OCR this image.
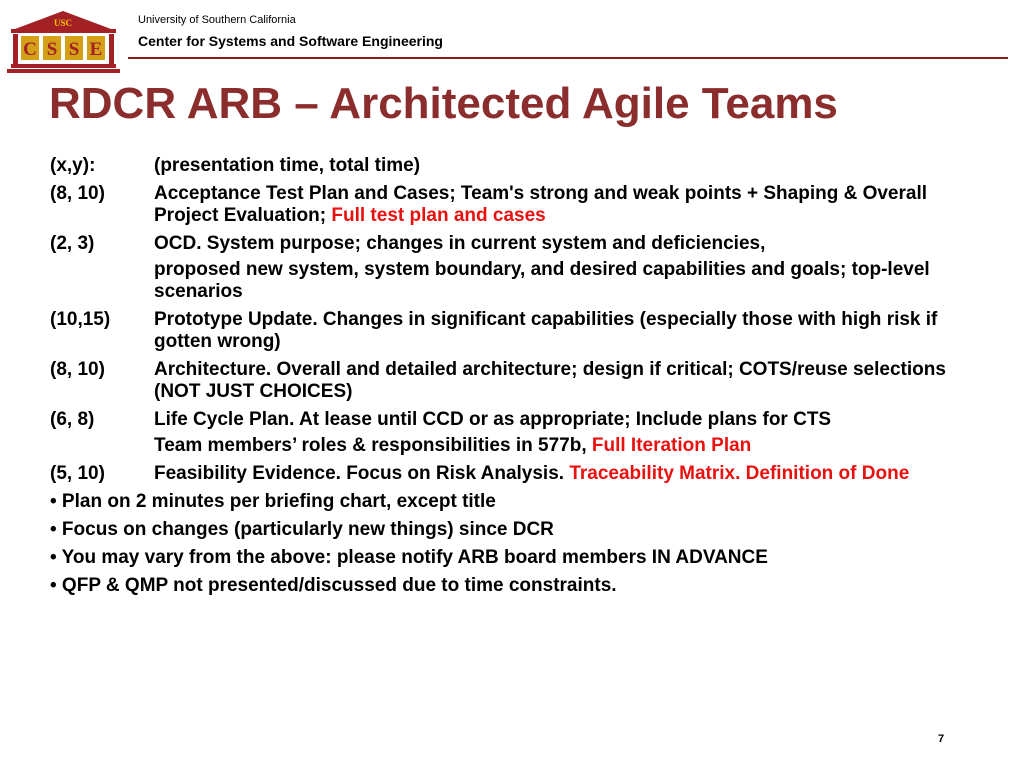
USC
C S S E
University of Southern California
Center for Systems and Software Engineering
RDCR ARB – Architected Agile Teams
(x,y):	(presentation time, total time)
(8, 10)	Acceptance Test Plan and Cases; Team's strong and weak points + Shaping & Overall Project Evaluation; Full test plan and cases
(2, 3)	OCD. System purpose; changes in current system and deficiencies,
proposed new system, system boundary, and desired capabilities and goals; top-level scenarios
(10,15)	Prototype Update. Changes in significant capabilities (especially those with high risk if gotten wrong)
(8, 10)	Architecture. Overall and detailed architecture; design if critical; COTS/reuse selections (NOT JUST CHOICES)
(6, 8)	Life Cycle Plan. At lease until CCD or as appropriate; Include plans for CTS
Team members’ roles & responsibilities in 577b, Full Iteration Plan
(5, 10)	Feasibility Evidence. Focus on Risk Analysis. Traceability Matrix. Definition of Done
• Plan on 2 minutes per briefing chart, except title
• Focus on changes (particularly new things) since DCR
• You may vary from the above: please notify ARB board members IN ADVANCE
• QFP & QMP not presented/discussed due to time constraints.
7
